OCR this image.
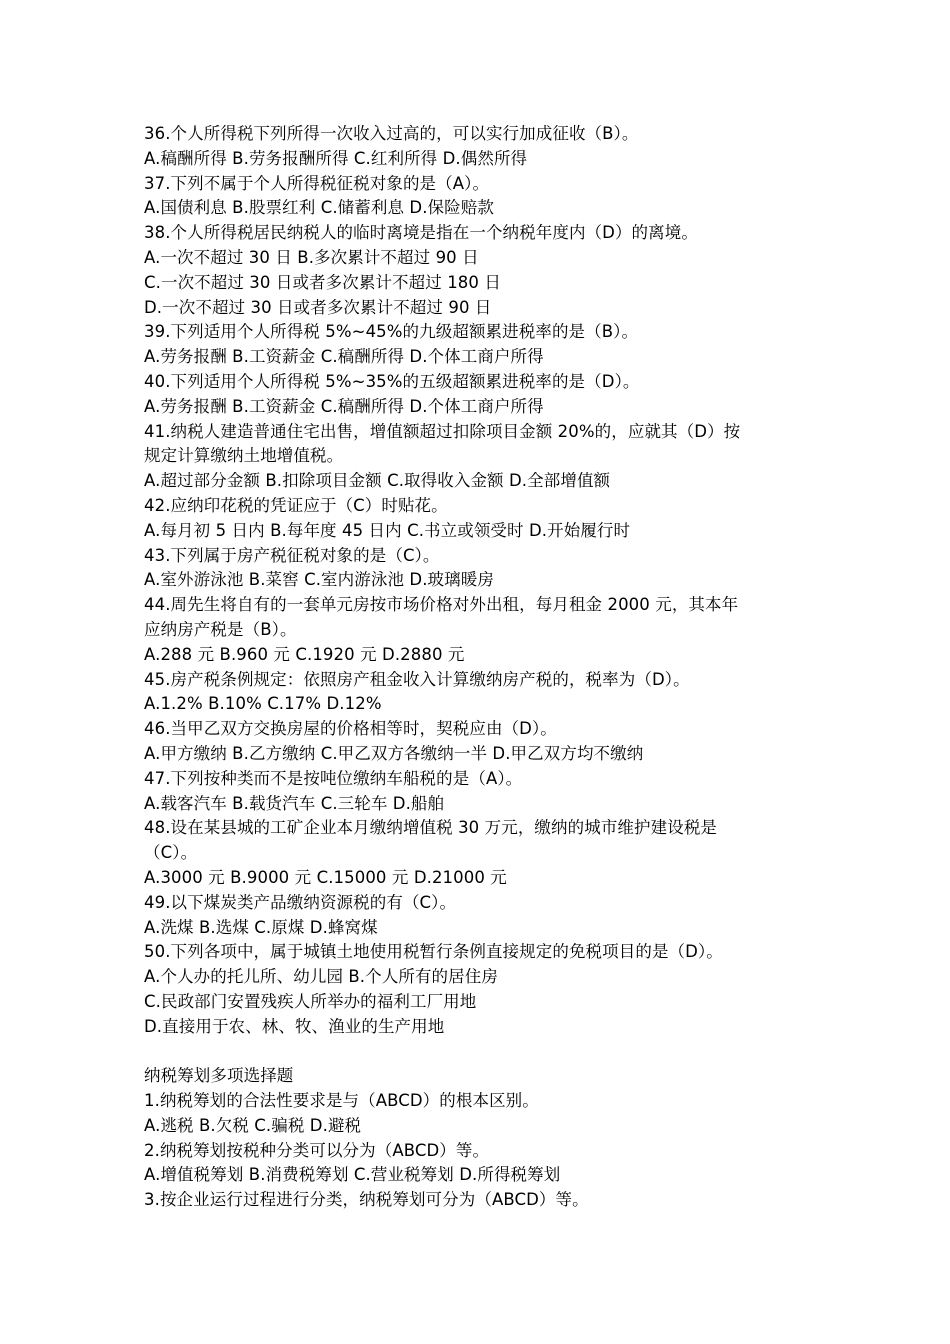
36.个人所得税下列所得一次收入过高的，可以实行加成征收（B）。
A.稿酬所得 B.劳务报酬所得 C.红利所得 D.偶然所得
37.下列不属于个人所得税征税对象的是（A）。
A.国债利息 B.股票红利 C.储蓄利息 D.保险赔款
38.个人所得税居民纳税人的临时离境是指在一个纳税年度内（D）的离境。
A.一次不超过 30 日 B.多次累计不超过 90 日
C.一次不超过 30 日或者多次累计不超过 180 日
D.一次不超过 30 日或者多次累计不超过 90 日
39.下列适用个人所得税 5%~45%的九级超额累进税率的是（B）。
A.劳务报酬 B.工资薪金 C.稿酬所得 D.个体工商户所得
40.下列适用个人所得税 5%~35%的五级超额累进税率的是（D）。
A.劳务报酬 B.工资薪金 C.稿酬所得 D.个体工商户所得
41.纳税人建造普通住宅出售，增值额超过扣除项目金额 20%的，应就其（D）按
规定计算缴纳土地增值税。
A.超过部分金额 B.扣除项目金额 C.取得收入金额 D.全部增值额
42.应纳印花税的凭证应于（C）时贴花。
A.每月初 5 日内 B.每年度 45 日内 C.书立或领受时 D.开始履行时
43.下列属于房产税征税对象的是（C）。
A.室外游泳池 B.菜窖 C.室内游泳池 D.玻璃暖房
44.周先生将自有的一套单元房按市场价格对外出租，每月租金 2000 元，其本年
应纳房产税是（B）。
A.288 元 B.960 元 C.1920 元 D.2880 元
45.房产税条例规定：依照房产租金收入计算缴纳房产税的，税率为（D）。
A.1.2% B.10% C.17% D.12%
46.当甲乙双方交换房屋的价格相等时，契税应由（D）。
A.甲方缴纳 B.乙方缴纳 C.甲乙双方各缴纳一半 D.甲乙双方均不缴纳
47.下列按种类而不是按吨位缴纳车船税的是（A）。
A.载客汽车 B.载货汽车 C.三轮车 D.船舶
48.设在某县城的工矿企业本月缴纳增值税 30 万元，缴纳的城市维护建设税是
（C）。
A.3000 元 B.9000 元 C.15000 元 D.21000 元
49.以下煤炭类产品缴纳资源税的有（C）。
A.洗煤 B.选煤 C.原煤 D.蜂窝煤
50.下列各项中，属于城镇土地使用税暂行条例直接规定的免税项目的是（D）。
A.个人办的托儿所、幼儿园 B.个人所有的居住房
C.民政部门安置残疾人所举办的福利工厂用地
D.直接用于农、林、牧、渔业的生产用地
纳税筹划多项选择题
1.纳税筹划的合法性要求是与（ABCD）的根本区别。
A.逃税 B.欠税 C.骗税 D.避税
2.纳税筹划按税种分类可以分为（ABCD）等。
A.增值税筹划 B.消费税筹划 C.营业税筹划 D.所得税筹划
3.按企业运行过程进行分类，纳税筹划可分为（ABCD）等。
